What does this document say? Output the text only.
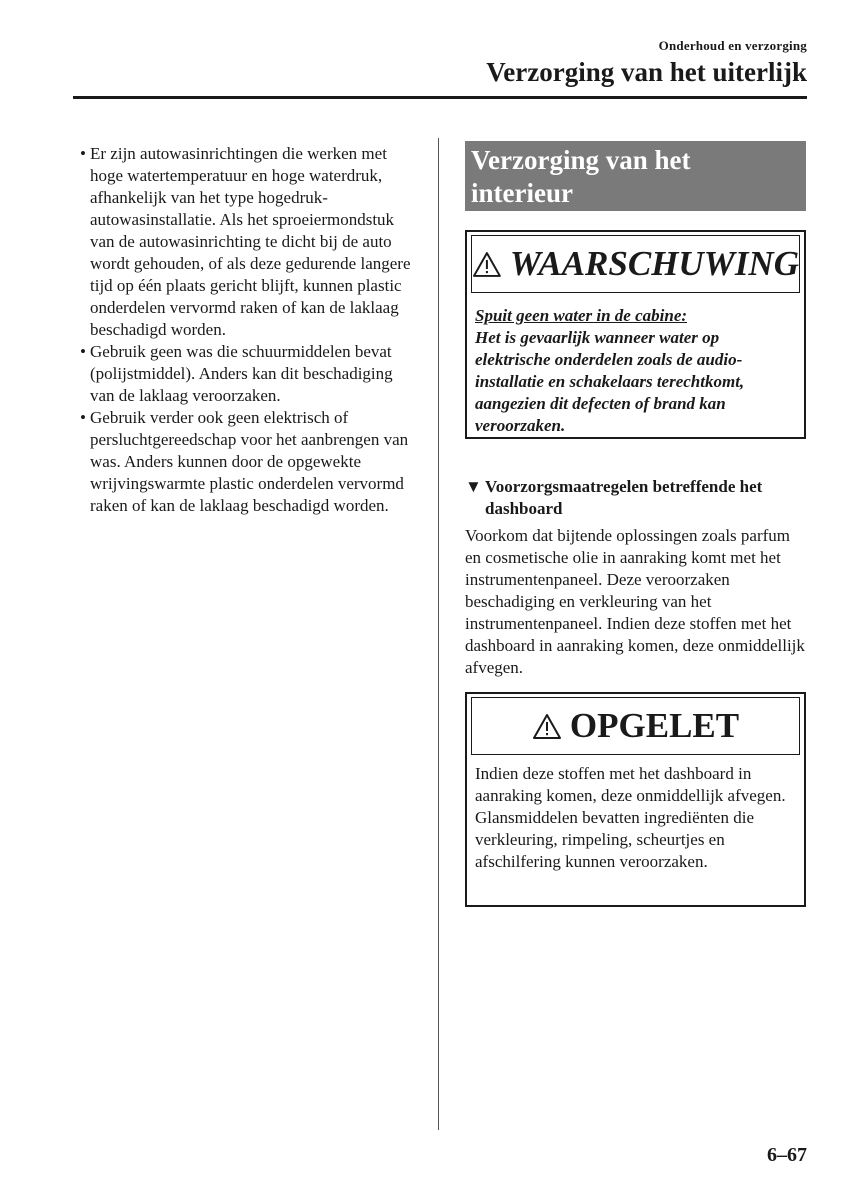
Onderhoud en verzorging
Verzorging van het uiterlijk
• Er zijn autowasinrichtingen die werken met hoge watertemperatuur en hoge waterdruk, afhankelijk van het type hogedruk-autowasinstallatie. Als het sproeiermondstuk van de autowasinrichting te dicht bij de auto wordt gehouden, of als deze gedurende langere tijd op één plaats gericht blijft, kunnen plastic onderdelen vervormd raken of kan de laklaag beschadigd worden.
• Gebruik geen was die schuurmiddelen bevat (polijstmiddel). Anders kan dit beschadiging van de laklaag veroorzaken.
• Gebruik verder ook geen elektrisch of persluchtgereedschap voor het aanbrengen van was. Anders kunnen door de opgewekte wrijvingswarmte plastic onderdelen vervormd raken of kan de laklaag beschadigd worden.
Verzorging van het
interieur
WAARSCHUWING
Spuit geen water in de cabine:
Het is gevaarlijk wanneer water op elektrische onderdelen zoals de audio-installatie en schakelaars terechtkomt, aangezien dit defecten of brand kan veroorzaken.
▼ Voorzorgsmaatregelen betreffende het dashboard
Voorkom dat bijtende oplossingen zoals parfum en cosmetische olie in aanraking komt met het instrumentenpaneel. Deze veroorzaken beschadiging en verkleuring van het instrumentenpaneel. Indien deze stoffen met het dashboard in aanraking komen, deze onmiddellijk afvegen.
OPGELET
Indien deze stoffen met het dashboard in aanraking komen, deze onmiddellijk afvegen.
Glansmiddelen bevatten ingrediënten die verkleuring, rimpeling, scheurtjes en afschilfering kunnen veroorzaken.
6–67
